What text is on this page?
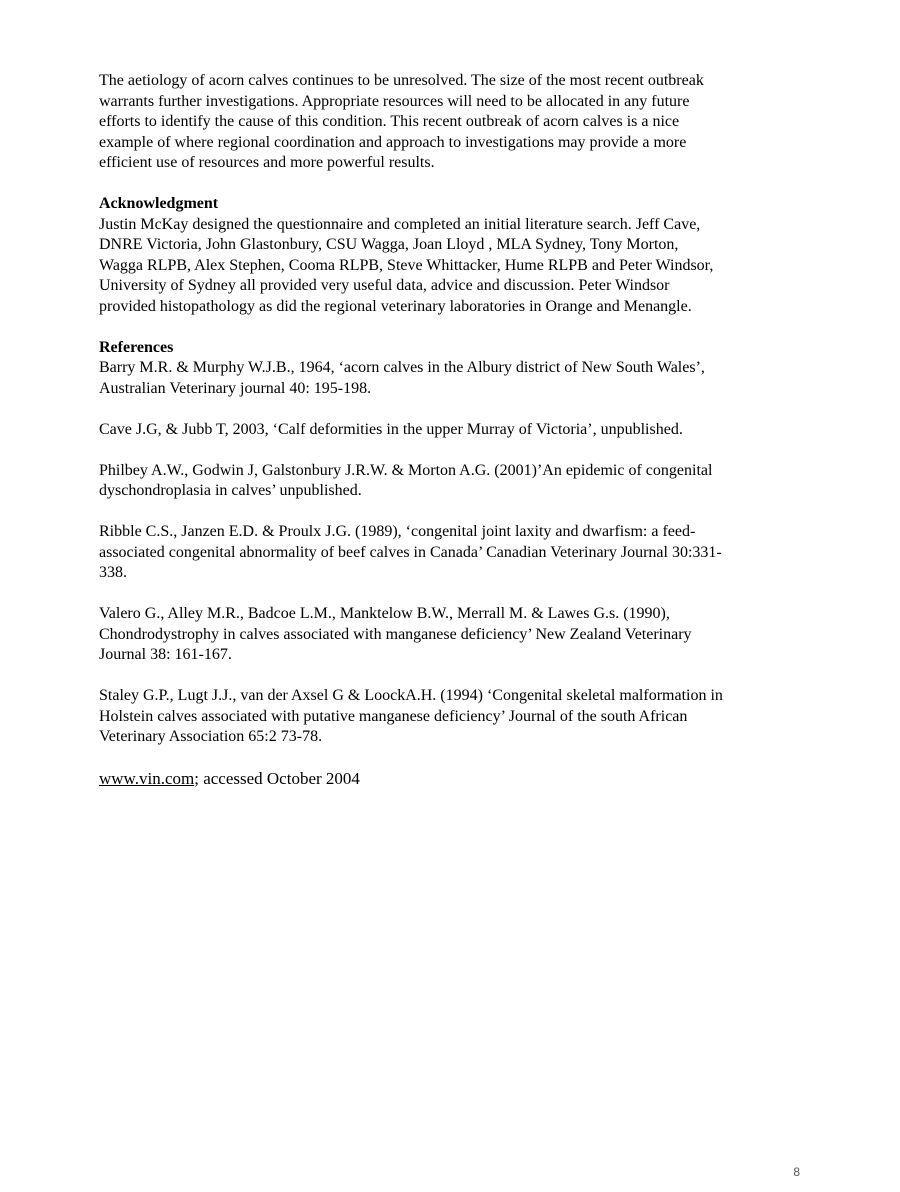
The aetiology of acorn calves continues to be unresolved. The size of the most recent outbreak
warrants further investigations. Appropriate resources will need to be allocated in any future
efforts to identify the cause of this condition. This recent outbreak of acorn calves is a nice
example of where regional coordination and approach to investigations may provide a more
efficient use of resources and more powerful results.

Acknowledgment

Justin McKay designed the questionnaire and completed an initial literature search. Jeff Cave,
DNRE Victoria, John Glastonbury, CSU Wagga, Joan Lloyd , MLA Sydney, Tony Morton,
Wagga RLPB, Alex Stephen, Cooma RLPB, Steve Whittacker, Hume RLPB and Peter Windsor,
University of Sydney all provided very useful data, advice and discussion. Peter Windsor
provided histopathology as did the regional veterinary laboratories in Orange and Menangle.

References

Barry M.R. & Murphy W.J.B., 1964, ‘acorn calves in the Albury district of New South Wales’,
Australian Veterinary journal 40: 195-198.

Cave J.G, & Jubb T, 2003, ‘Calf deformities in the upper Murray of Victoria’, unpublished.

Philbey A.W., Godwin J, Galstonbury J.R.W. & Morton A.G. (2001)’An epidemic of congenital
dyschondroplasia in calves’ unpublished.

Ribble C.S., Janzen E.D. & Proulx J.G. (1989), ‘congenital joint laxity and dwarfism: a feed-
associated congenital abnormality of beef calves in Canada’ Canadian Veterinary Journal 30:331-
338.

Valero G., Alley M.R., Badcoe L.M., Manktelow B.W., Merrall M. & Lawes G.s. (1990),
Chondrodystrophy in calves associated with manganese deficiency’ New Zealand Veterinary
Journal 38: 161-167.

Staley G.P., Lugt J.J., van der Axsel G & LoockA.H. (1994) ‘Congenital skeletal malformation in
Holstein calves associated with putative manganese deficiency’ Journal of the south African
Veterinary Association 65:2 73-78.

www.vin.com; accessed October 2004

8
